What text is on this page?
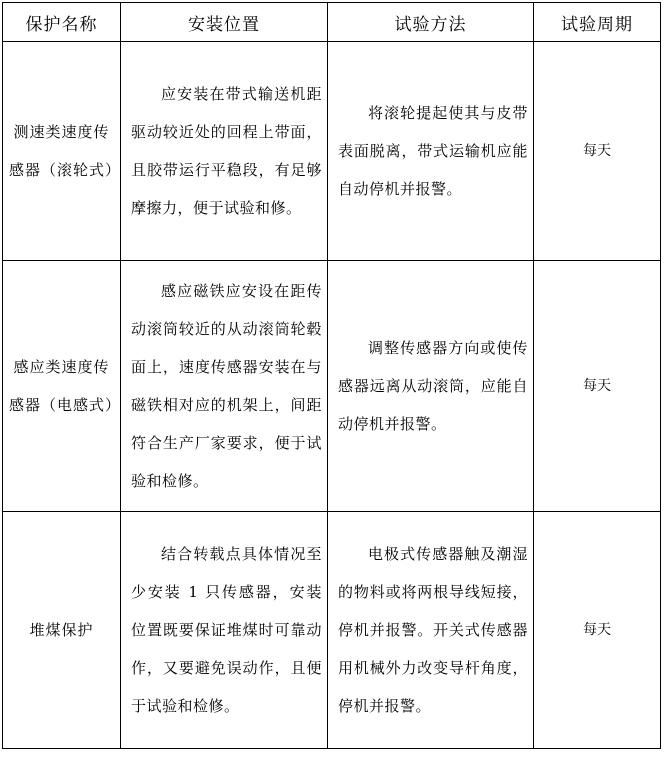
保护名称	安装位置	试验方法	试验周期
测速类速度传感器（滚轮式）	应安装在带式输送机距驱动较近处的回程上带面，且胶带运行平稳段，有足够摩擦力，便于试验和修。	将滚轮提起使其与皮带表面脱离，带式运输机应能自动停机并报警。	每天
感应类速度传感器（电感式）	感应磁铁应安设在距传动滚筒较近的从动滚筒轮毂面上，速度传感器安装在与磁铁相对应的机架上，间距符合生产厂家要求，便于试验和检修。	调整传感器方向或使传感器远离从动滚筒，应能自动停机并报警。	每天
堆煤保护	结合转载点具体情况至少安装 1 只传感器，安装位置既要保证堆煤时可靠动作，又要避免误动作，且便于试验和检修。	电极式传感器触及潮湿的物料或将两根导线短接，停机并报警。开关式传感器用机械外力改变导杆角度，停机并报警。	每天
